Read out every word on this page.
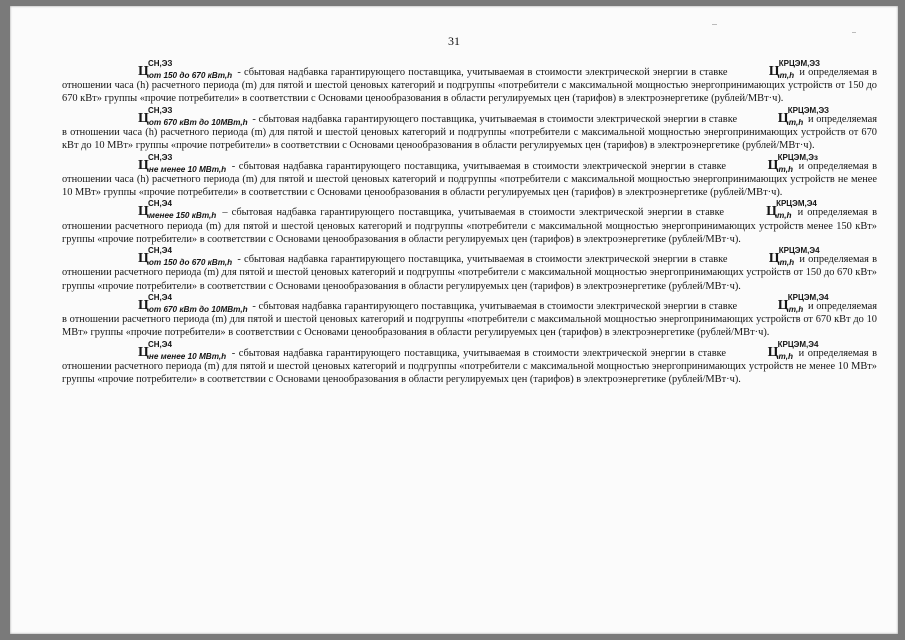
31

Ц
СН,ЭЗ
$_{от 150 до 670 кВт,h}$ - сбытовая надбавка гарантирующего поставщика, учитываемая в стоимости электрической энергии в ставке	Ц
КРЦЭМ,ЭЗ
$_{m,h}$ и определяемая в отношении часа (h) расчетного периода (m) для пятой и шестой ценовых категорий и подгруппы «потребители с максимальной мощностью энергопринимающих устройств от 150 до 670 кВт» группы «прочие потребители» в соответствии с Основами ценообразования в области регулируемых цен (тарифов) в электроэнергетике (рублей/МВт·ч).

Ц
СН,ЭЗ
$_{от 670 кВт до 10МВт,h}$ - сбытовая надбавка гарантирующего поставщика, учитываемая в стоимости электрической энергии в ставке	Ц
КРЦЭМ,ЭЗ
$_{m,h}$ и определяемая в отношении часа (h) расчетного периода (m) для пятой и шестой ценовых категорий и подгруппы «потребители с максимальной мощностью энергопринимающих устройств от 670 кВт до 10 МВт» группы «прочие потребители» в соответствии с Основами ценообразования в области регулируемых цен (тарифов) в электроэнергетике (рублей/МВт·ч).

Ц
СН,ЭЗ
$_{не менее 10 МВт,h}$ - сбытовая надбавка гарантирующего поставщика, учитываемая в стоимости электрической энергии в ставке	Ц
КРЦЭМ,Эз
$_{m,h}$ и определяемая в отношении часа (h) расчетного периода (m) для пятой и шестой ценовых категорий и подгруппы «потребители с максимальной мощностью энергопринимающих устройств не менее 10 МВт» группы «прочие потребители» в соответствии с Основами ценообразования в области регулируемых цен (тарифов) в электроэнергетике (рублей/МВт·ч).

Ц
СН,Э4
$_{менее 150 кВт,h}$ – сбытовая надбавка гарантирующего поставщика, учитываемая в стоимости электрической энергии в ставке	Ц
КРЦЭМ,Э4
$_{m,h}$ и определяемая в отношении расчетного периода (m) для пятой и шестой ценовых категорий и подгруппы «потребители с максимальной мощностью энергопринимающих устройств менее 150 кВт» группы «прочие потребители» в соответствии с Основами ценообразования в области регулируемых цен (тарифов) в электроэнергетике (рублей/МВт·ч).

Ц
СН,Э4
$_{от 150 до 670 кВт,h}$ - сбытовая надбавка гарантирующего поставщика, учитываемая в стоимости электрической энергии в ставке	Ц
КРЦЭМ,Э4
$_{m,h}$ и определяемая в отношении расчетного периода (m) для пятой и шестой ценовых категорий и подгруппы «потребители с максимальной мощностью энергопринимающих устройств от 150 до 670 кВт» группы «прочие потребители» в соответствии с Основами ценообразования в области регулируемых цен (тарифов) в электроэнергетике (рублей/МВт·ч).

Ц
СН,Э4
$_{от 670 кВт до 10МВт,h}$ - сбытовая надбавка гарантирующего поставщика, учитываемая в стоимости электрической энергии в ставке	Ц
КРЦЭМ,Э4
$_{m,h}$ и определяемая в отношении расчетного периода (m) для пятой и шестой ценовых категорий и подгруппы «потребители с максимальной мощностью энергопринимающих устройств от 670 кВт до 10 МВт» группы «прочие потребители» в соответствии с Основами ценообразования в области регулируемых цен (тарифов) в электроэнергетике (рублей/МВт·ч).

Ц
СН,Э4
$_{не менее 10 МВт,h}$ - сбытовая надбавка гарантирующего поставщика, учитываемая в стоимости электрической энергии в ставке	Ц
КРЦЭМ,Э4
$_{m,h}$ и определяемая в отношении расчетного периода (m) для пятой и шестой ценовых категорий и подгруппы «потребители с максимальной мощностью энергопринимающих устройств не менее 10 МВт» группы «прочие потребители» в соответствии с Основами ценообразования в области регулируемых цен (тарифов) в электроэнергетике (рублей/МВт·ч).
